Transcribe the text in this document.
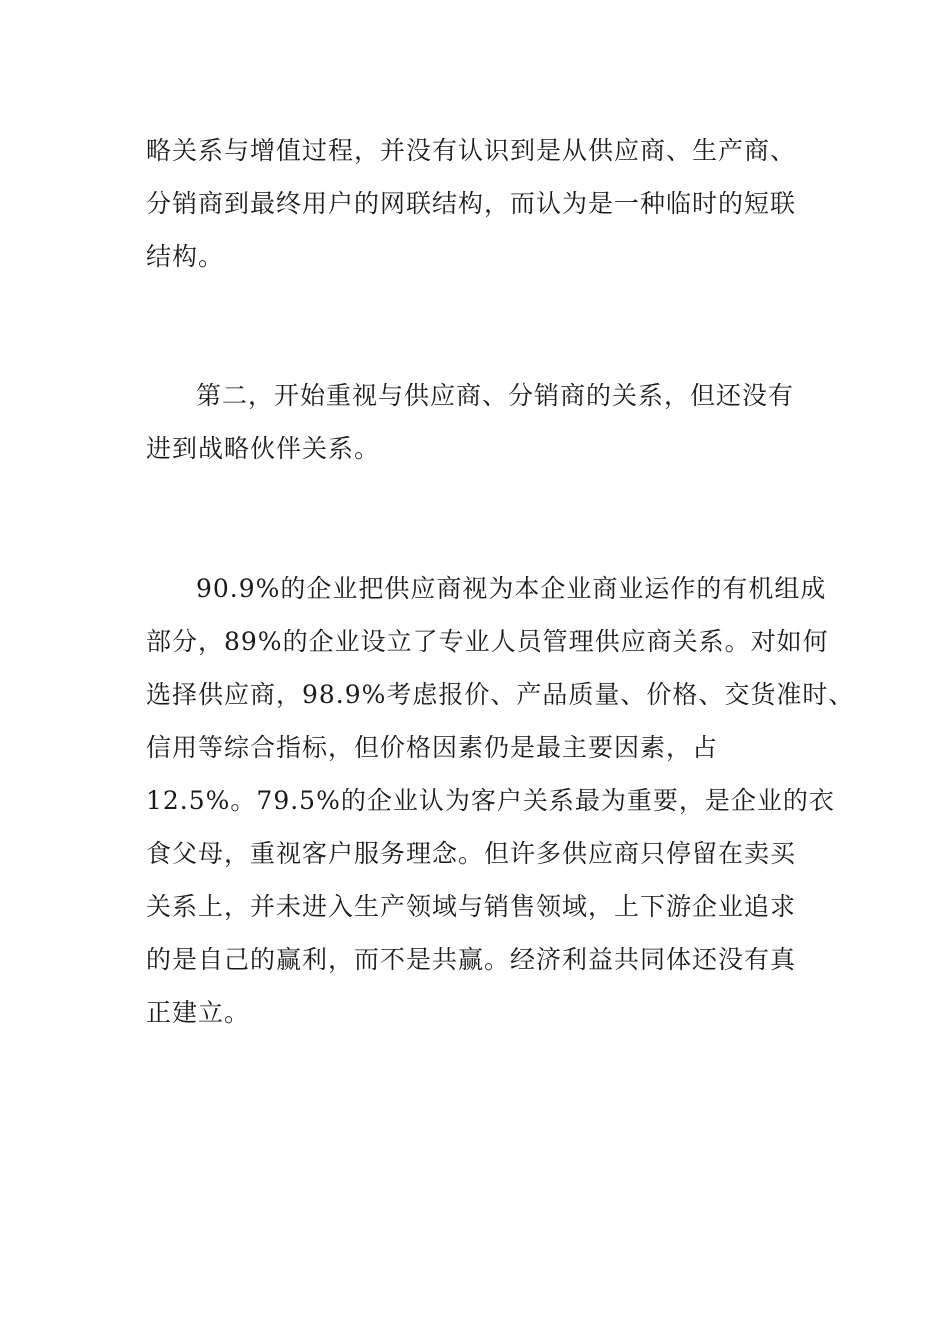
略关系与增值过程，并没有认识到是从供应商、生产商、
分销商到最终用户的网联结构，而认为是一种临时的短联
结构。
第二，开始重视与供应商、分销商的关系，但还没有
进到战略伙伴关系。
90.9%的企业把供应商视为本企业商业运作的有机组成
部分，89%的企业设立了专业人员管理供应商关系。对如何
选择供应商，98.9%考虑报价、产品质量、价格、交货准时、
信用等综合指标，但价格因素仍是最主要因素，占
12.5%。79.5%的企业认为客户关系最为重要，是企业的衣
食父母，重视客户服务理念。但许多供应商只停留在卖买
关系上，并未进入生产领域与销售领域，上下游企业追求
的是自己的赢利，而不是共赢。经济利益共同体还没有真
正建立。
